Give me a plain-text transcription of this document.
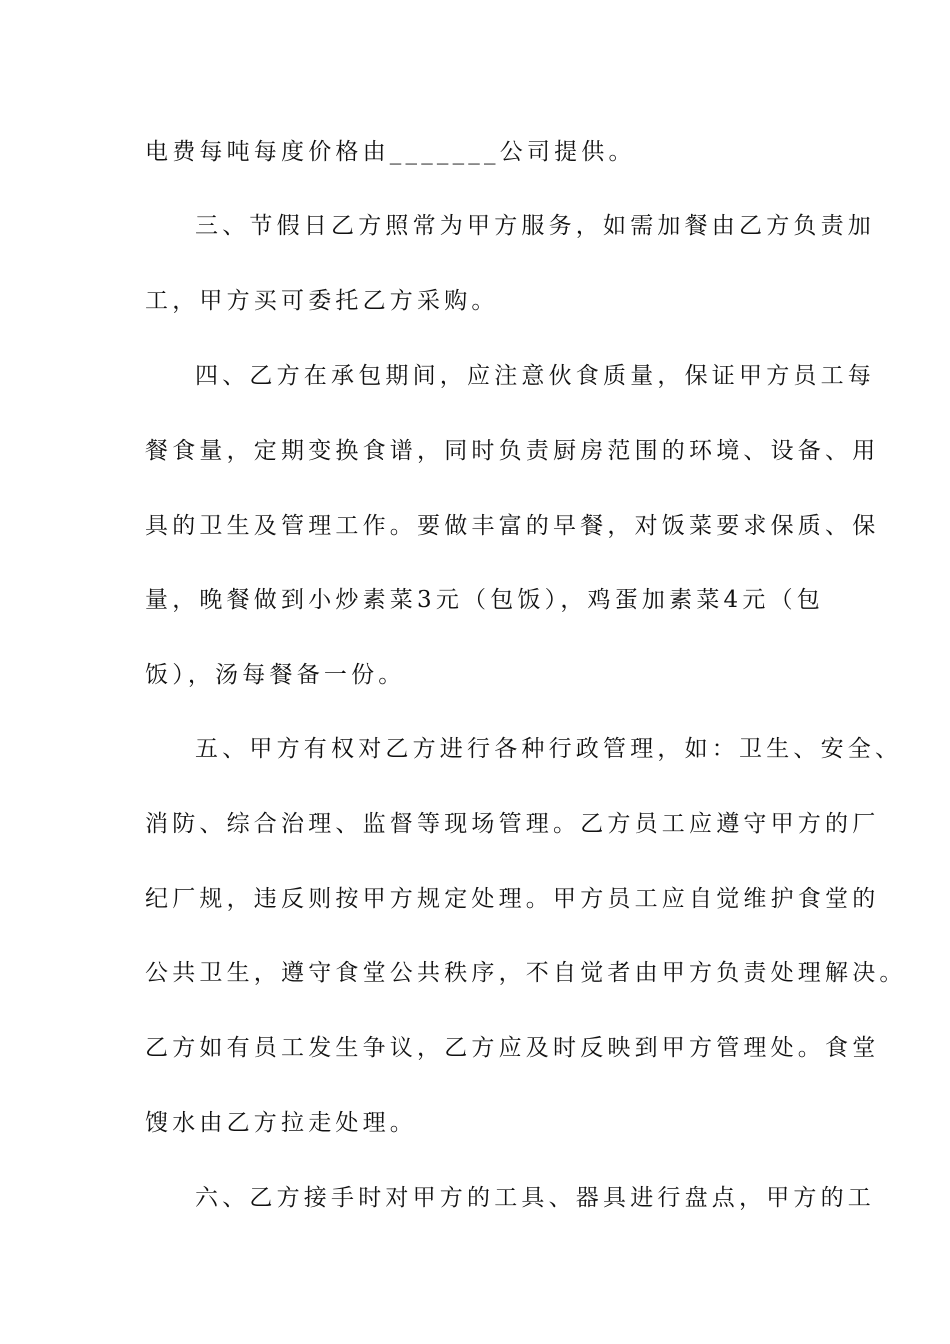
电费每吨每度价格由_______公司提供。
三、节假日乙方照常为甲方服务，如需加餐由乙方负责加
工，甲方买可委托乙方采购。
四、乙方在承包期间，应注意伙食质量，保证甲方员工每
餐食量，定期变换食谱，同时负责厨房范围的环境、设备、用
具的卫生及管理工作。要做丰富的早餐，对饭菜要求保质、保
量，晚餐做到小炒素菜3元（包饭），鸡蛋加素菜4元（包
饭），汤每餐备一份。
五、甲方有权对乙方进行各种行政管理，如：卫生、安全、
消防、综合治理、监督等现场管理。乙方员工应遵守甲方的厂
纪厂规，违反则按甲方规定处理。甲方员工应自觉维护食堂的
公共卫生，遵守食堂公共秩序，不自觉者由甲方负责处理解决。
乙方如有员工发生争议，乙方应及时反映到甲方管理处。食堂
馊水由乙方拉走处理。
六、乙方接手时对甲方的工具、器具进行盘点，甲方的工
